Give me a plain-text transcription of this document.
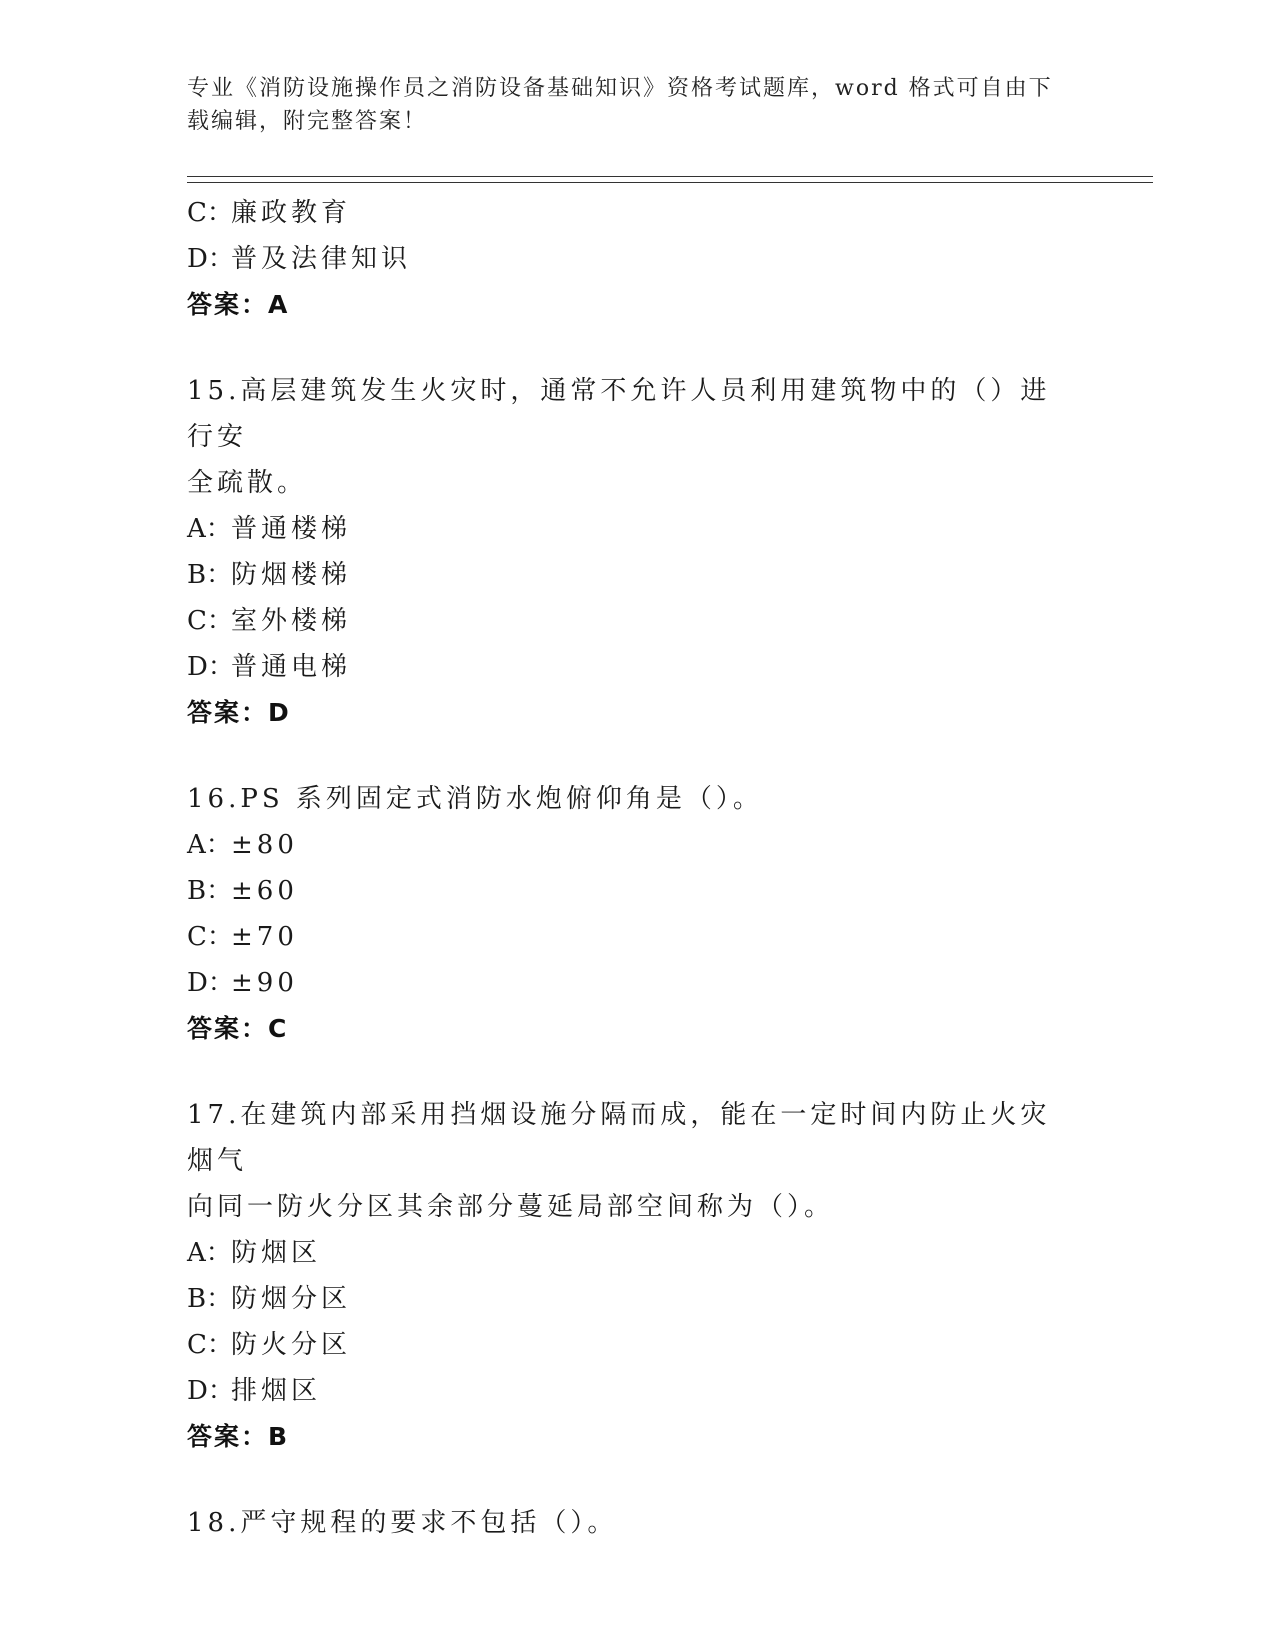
专业《消防设施操作员之消防设备基础知识》资格考试题库，word 格式可自由下
载编辑，附完整答案！
C：廉政教育
D：普及法律知识
答案：A
15.高层建筑发生火灾时，通常不允许人员利用建筑物中的（）进行安
全疏散。
A：普通楼梯
B：防烟楼梯
C：室外楼梯
D：普通电梯
答案：D
16.PS 系列固定式消防水炮俯仰角是（）。
A：±80
B：±60
C：±70
D：±90
答案：C
17.在建筑内部采用挡烟设施分隔而成，能在一定时间内防止火灾烟气
向同一防火分区其余部分蔓延局部空间称为（）。
A：防烟区
B：防烟分区
C：防火分区
D：排烟区
答案：B
18.严守规程的要求不包括（）。
